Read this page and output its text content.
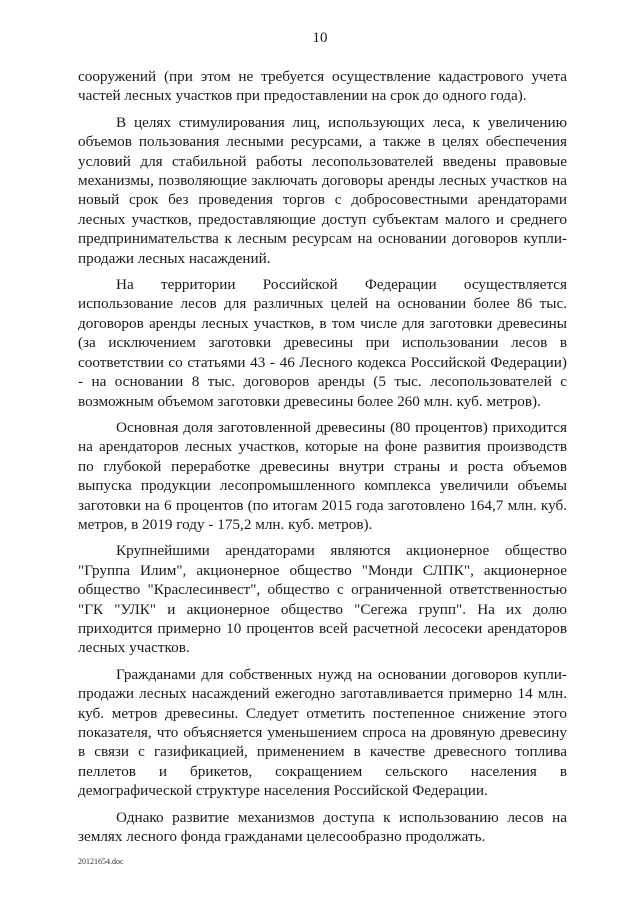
10

сооружений (при этом не требуется осуществление кадастрового учета частей лесных участков при предоставлении на срок до одного года).

В целях стимулирования лиц, использующих леса, к увеличению объемов пользования лесными ресурсами, а также в целях обеспечения условий для стабильной работы лесопользователей введены правовые механизмы, позволяющие заключать договоры аренды лесных участков на новый срок без проведения торгов с добросовестными арендаторами лесных участков, предоставляющие доступ субъектам малого и среднего предпринимательства к лесным ресурсам на основании договоров купли-продажи лесных насаждений.

На территории Российской Федерации осуществляется использование лесов для различных целей на основании более 86 тыс. договоров аренды лесных участков, в том числе для заготовки древесины (за исключением заготовки древесины при использовании лесов в соответствии со статьями 43 - 46 Лесного кодекса Российской Федерации) - на основании 8 тыс. договоров аренды (5 тыс. лесопользователей с возможным объемом заготовки древесины более 260 млн. куб. метров).

Основная доля заготовленной древесины (80 процентов) приходится на арендаторов лесных участков, которые на фоне развития производств по глубокой переработке древесины внутри страны и роста объемов выпуска продукции лесопромышленного комплекса увеличили объемы заготовки на 6 процентов (по итогам 2015 года заготовлено 164,7 млн. куб. метров, в 2019 году - 175,2 млн. куб. метров).

Крупнейшими арендаторами являются акционерное общество "Группа Илим", акционерное общество "Монди СЛПК", акционерное общество "Краслесинвест", общество с ограниченной ответственностью "ГК "УЛК" и акционерное общество "Сегежа групп". На их долю приходится примерно 10 процентов всей расчетной лесосеки арендаторов лесных участков.

Гражданами для собственных нужд на основании договоров купли-продажи лесных насаждений ежегодно заготавливается примерно 14 млн. куб. метров древесины. Следует отметить постепенное снижение этого показателя, что объясняется уменьшением спроса на дровяную древесину в связи с газификацией, применением в качестве древесного топлива пеллетов и брикетов, сокращением сельского населения в демографической структуре населения Российской Федерации.

Однако развитие механизмов доступа к использованию лесов на землях лесного фонда гражданами целесообразно продолжать.

20121654.doc
